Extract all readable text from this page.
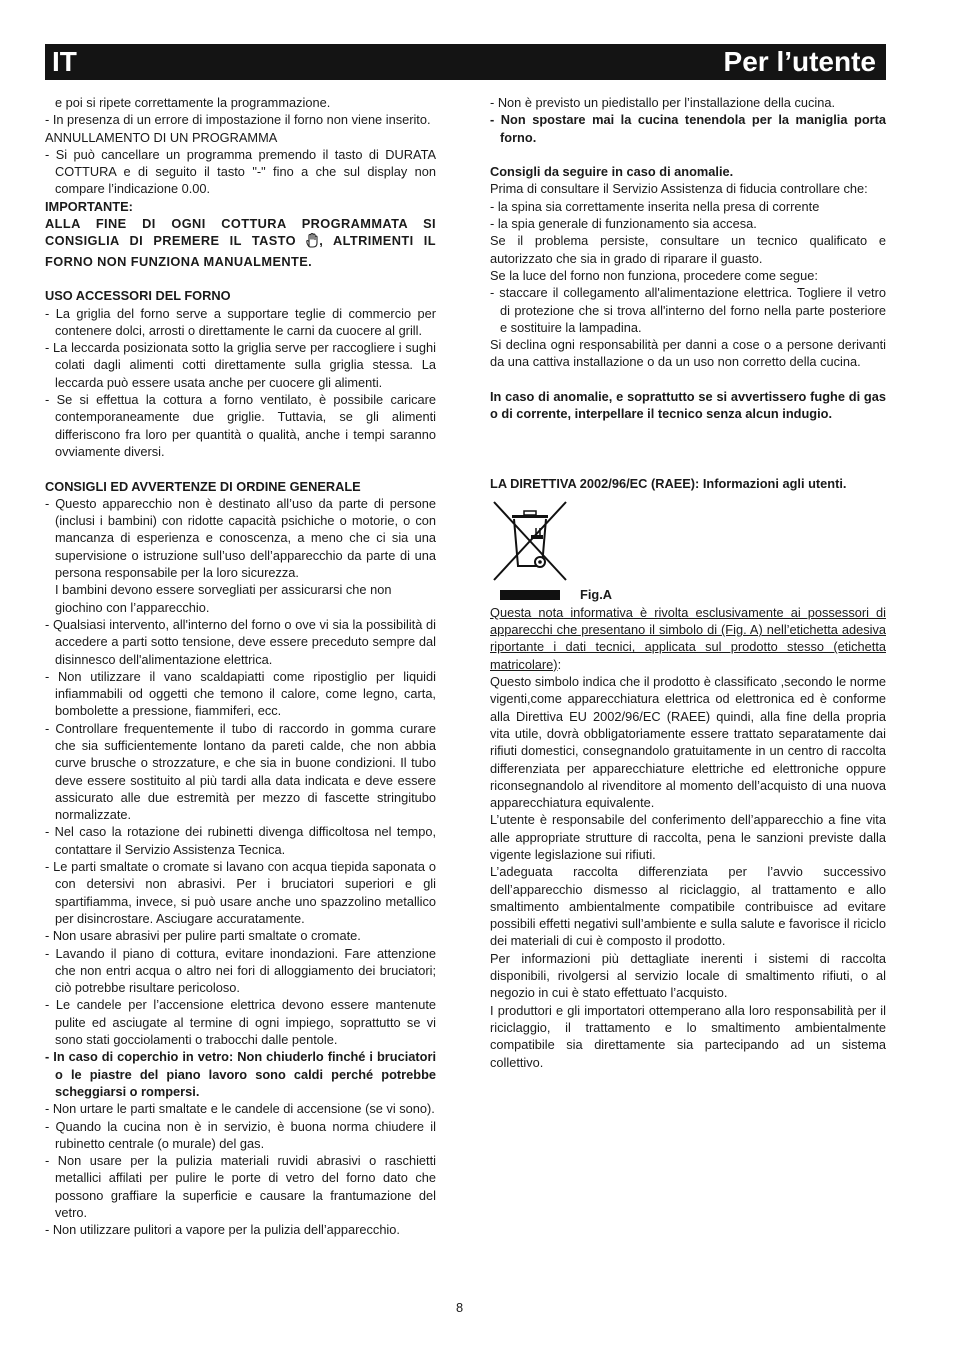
IT	Per l’utente

e poi si ripete correttamente la programmazione.

- In presenza di un errore di impostazione il forno non viene inserito.

ANNULLAMENTO DI UN PROGRAMMA

- Si può cancellare un programma premendo il tasto di DURATA COTTURA e di seguito il tasto "-" fino a che sul display non compare l’indicazione 0.00.

IMPORTANTE:

ALLA FINE DI OGNI COTTURA PROGRAMMATA SI CONSIGLIA DI PREMERE IL TASTO , ALTRIMENTI IL FORNO NON FUNZIONA MANUALMENTE.

USO ACCESSORI DEL FORNO

- La griglia del forno serve a supportare teglie di commercio per contenere dolci, arrosti o direttamente le carni da cuocere al grill.

- La leccarda posizionata sotto la griglia serve per raccogliere i sughi colati dagli alimenti cotti direttamente sulla griglia stessa. La leccarda può essere usata anche per cuocere gli alimenti.

- Se si effettua la cottura a forno ventilato, è possibile caricare contemporaneamente due griglie. Tuttavia, se gli alimenti differiscono fra loro per quantità o qualità, anche i tempi saranno ovviamente diversi.

CONSIGLI ED AVVERTENZE DI ORDINE GENERALE

- Questo apparecchio non è destinato all’uso da parte di persone (inclusi i bambini) con ridotte capacità psichiche o motorie, o con mancanza di esperienza e conoscenza, a meno che ci sia una supervisione o istruzione sull’uso dell’apparecchio da parte di una persona responsabile per la loro sicurezza.

I bambini devono essere sorvegliati per assicurarsi che non giochino con l’apparecchio.

- Qualsiasi intervento, all'interno del forno o ove vi sia la possibilità di accedere a parti sotto tensione, deve essere preceduto sempre dal disinnesco dell'alimentazione elettrica.

- Non utilizzare il vano scaldapiatti come ripostiglio per liquidi infiammabili od oggetti che temono il calore, come legno, carta, bombolette a pressione, fiammiferi, ecc.

- Controllare frequentemente il tubo di raccordo in gomma curare che sia sufficientemente lontano da pareti calde, che non abbia curve brusche o strozzature, e che sia in buone condizioni. Il tubo deve essere sostituito al più tardi alla data indicata e deve essere assicurato alle due estremità per mezzo di fascette stringitubo normalizzate.

- Nel caso la rotazione dei rubinetti divenga difficoltosa nel tempo, contattare il Servizio Assistenza Tecnica.

- Le parti smaltate o cromate si lavano con acqua tiepida saponata o con detersivi non abrasivi. Per i bruciatori superiori e gli spartifiamma, invece, si può usare anche uno spazzolino metallico per disincrostare. Asciugare accuratamente.

- Non usare abrasivi per pulire parti smaltate o cromate.

- Lavando il piano di cottura, evitare inondazioni. Fare attenzione che non entri acqua o altro nei fori di alloggiamento dei bruciatori; ciò potrebbe risultare pericoloso.

- Le candele per l’accensione elettrica devono essere mantenute pulite ed asciugate al termine di ogni impiego, soprattutto se vi sono stati gocciolamenti o trabocchi dalle pentole.

- In caso di coperchio in vetro: Non chiuderlo finché i bruciatori o le piastre del piano lavoro sono caldi perché potrebbe scheggiarsi o rompersi.

- Non urtare le parti smaltate e le candele di accensione (se vi sono).

- Quando la cucina non è in servizio, è buona norma chiudere il rubinetto centrale (o murale) del gas.

- Non usare per la pulizia materiali ruvidi abrasivi o raschietti metallici affilati per pulire le porte di vetro del forno dato che possono graffiare la superficie e causare la frantumazione del vetro.

- Non utilizzare pulitori a vapore per la pulizia dell’apparecchio.

- Non è previsto un piedistallo per l’installazione della cucina.

- Non spostare mai la cucina tenendola per la maniglia porta forno.

Consigli da seguire in caso di anomalie.

Prima di consultare il Servizio Assistenza di fiducia controllare che:

- la spina sia correttamente inserita nella presa di corrente

- la spia generale di funzionamento sia accesa.

Se il problema persiste, consultare un tecnico qualificato e autorizzato che sia in grado di riparare il guasto.

Se la luce del forno non funziona, procedere come segue:

- staccare il collegamento all'alimentazione elettrica. Togliere il vetro di protezione che si trova all'interno del forno nella parte posteriore e sostituire la lampadina.

Si declina ogni responsabilità per danni a cose o a persone derivanti da una cattiva installazione o da un uso non corretto della cucina.

In caso di anomalie, e soprattutto se si avvertissero fughe di gas o di corrente, interpellare il tecnico senza alcun indugio.

LA DIRETTIVA 2002/96/EC (RAEE): Informazioni agli utenti.

Fig.A

Questa nota informativa è rivolta esclusivamente ai possessori di apparecchi che presentano il simbolo di (Fig. A) nell’etichetta adesiva riportante i dati tecnici, applicata sul prodotto stesso (etichetta matricolare):

Questo simbolo indica che il prodotto è classificato ,secondo le norme vigenti,come apparecchiatura elettrica od elettronica ed è conforme alla Direttiva EU 2002/96/EC (RAEE) quindi, alla fine della propria vita utile, dovrà obbligatoriamente essere trattato separatamente dai rifiuti domestici, consegnandolo gratuitamente in un centro di raccolta differenziata per apparecchiature elettriche ed elettroniche oppure riconsegnandolo al rivenditore al momento dell’acquisto di una nuova apparecchiatura equivalente.

L’utente è responsabile del conferimento dell’apparecchio a fine vita alle appropriate strutture di raccolta, pena le sanzioni previste dalla vigente legislazione sui rifiuti.

L’adeguata raccolta differenziata per l’avvio successivo dell’apparecchio dismesso al riciclaggio, al trattamento e allo smaltimento ambientalmente compatibile contribuisce ad evitare possibili effetti negativi sull’ambiente e sulla salute e favorisce il riciclo dei materiali di cui è composto il prodotto.

Per informazioni più dettagliate inerenti i sistemi di raccolta disponibili, rivolgersi al servizio locale di smaltimento rifiuti, o al negozio in cui è stato effettuato l’acquisto.

I produttori e gli importatori ottemperano alla loro responsabilità per il riciclaggio, il trattamento e lo smaltimento ambientalmente compatibile sia direttamente sia partecipando ad un sistema collettivo.

8
